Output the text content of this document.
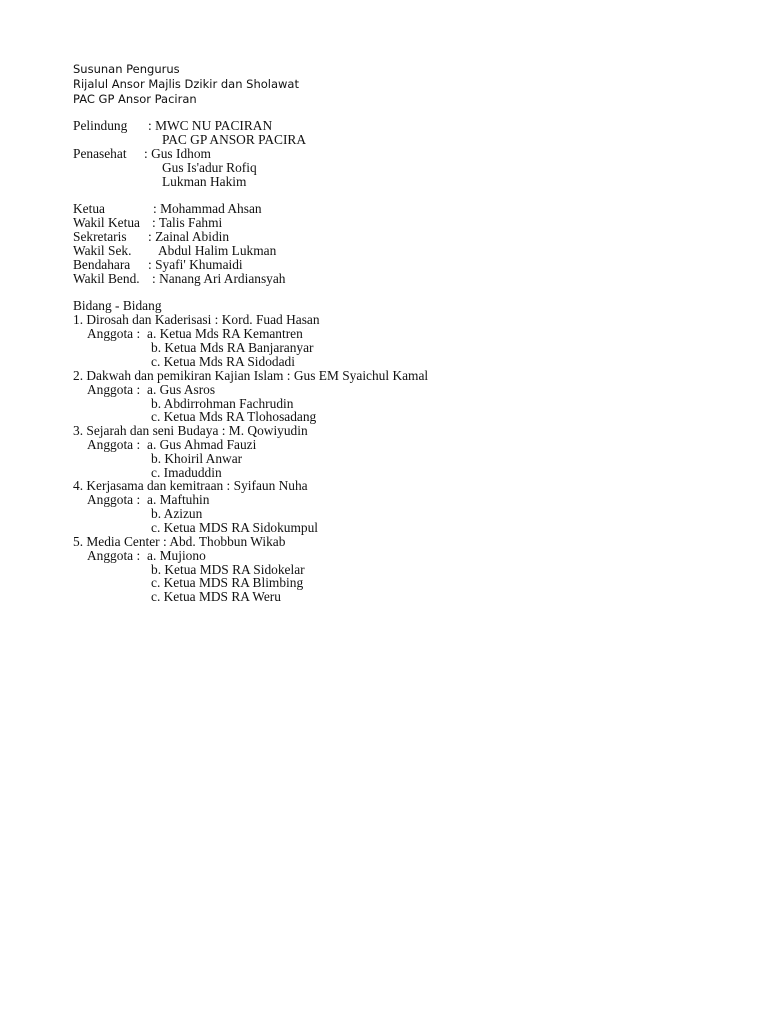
Susunan Pengurus
Rijalul Ansor Majlis Dzikir dan Sholawat
PAC GP Ansor Paciran
Pelindung : MWC NU PACIRAN
PAC GP ANSOR PACIRA
Penasehat : Gus Idhom
Gus Is'adur Rofiq
Lukman Hakim
Ketua	: Mohammad Ahsan
Wakil Ketua : Talis Fahmi
Sekretaris : Zainal Abidin
Wakil Sek. Abdul Halim Lukman
Bendahara : Syafi' Khumaidi
Wakil Bend. : Nanang Ari Ardiansyah
Bidang - Bidang
1. Dirosah dan Kaderisasi : Kord. Fuad Hasan
Anggota : a. Ketua Mds RA Kemantren
b. Ketua Mds RA Banjaranyar
c. Ketua Mds RA Sidodadi
2. Dakwah dan pemikiran Kajian Islam : Gus EM Syaichul Kamal
Anggota : a. Gus Asros
b. Abdirrohman Fachrudin
c. Ketua Mds RA Tlohosadang
3. Sejarah dan seni Budaya : M. Qowiyudin
Anggota : a. Gus Ahmad Fauzi
b. Khoiril Anwar
c. Imaduddin
4. Kerjasama dan kemitraan : Syifaun Nuha
Anggota : a. Maftuhin
b. Azizun
c. Ketua MDS RA Sidokumpul
5. Media Center : Abd. Thobbun Wikab
Anggota : a. Mujiono
b. Ketua MDS RA Sidokelar
c. Ketua MDS RA Blimbing
c. Ketua MDS RA Weru
